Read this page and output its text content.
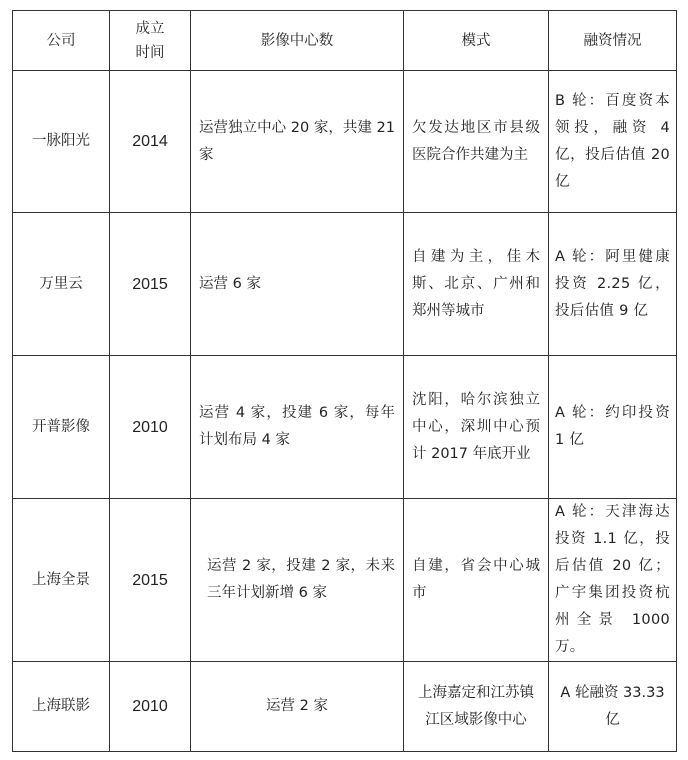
公司	成立时间	影像中心数	模式	融资情况
一脉阳光	2014	运营独立中心 20 家，共建 21 家	欠发达地区市县级医院合作共建为主	B 轮：百度资本领投，融资 4 亿，投后估值 20 亿
万里云	2015	运营 6 家	自建为主，佳木斯、北京、广州和郑州等城市	A 轮：阿里健康投资 2.25 亿，投后估值 9 亿
开普影像	2010	运营 4 家，投建 6 家，每年计划布局 4 家	沈阳，哈尔滨独立中心，深圳中心预计 2017 年底开业	A 轮：约印投资 1 亿
上海全景	2015	运营 2 家，投建 2 家，未来三年计划新增 6 家	自建，省会中心城市	A 轮：天津海达投资 1.1 亿，投后估值 20 亿；广宇集团投资杭州全景 1000 万。
上海联影	2010	运营 2 家	上海嘉定和江苏镇江区域影像中心	A 轮融资 33.33 亿
